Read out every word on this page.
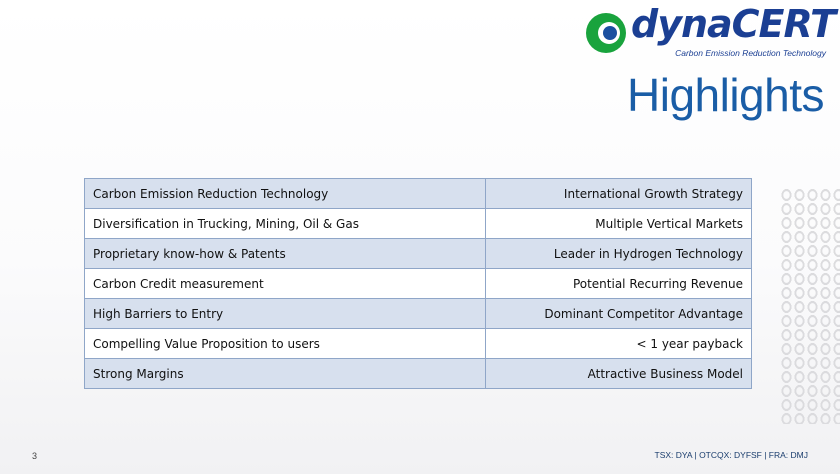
dynaCERT
Carbon Emission Reduction Technology
Highlights
Carbon Emission Reduction Technology	International Growth Strategy
Diversification in Trucking, Mining, Oil & Gas	Multiple Vertical Markets
Proprietary know-how & Patents	Leader in Hydrogen Technology
Carbon Credit measurement	Potential Recurring Revenue
High Barriers to Entry	Dominant Competitor Advantage
Compelling Value Proposition to users	< 1 year payback
Strong Margins	Attractive Business Model
3	TSX: DYA | OTCQX: DYFSF | FRA: DMJ
